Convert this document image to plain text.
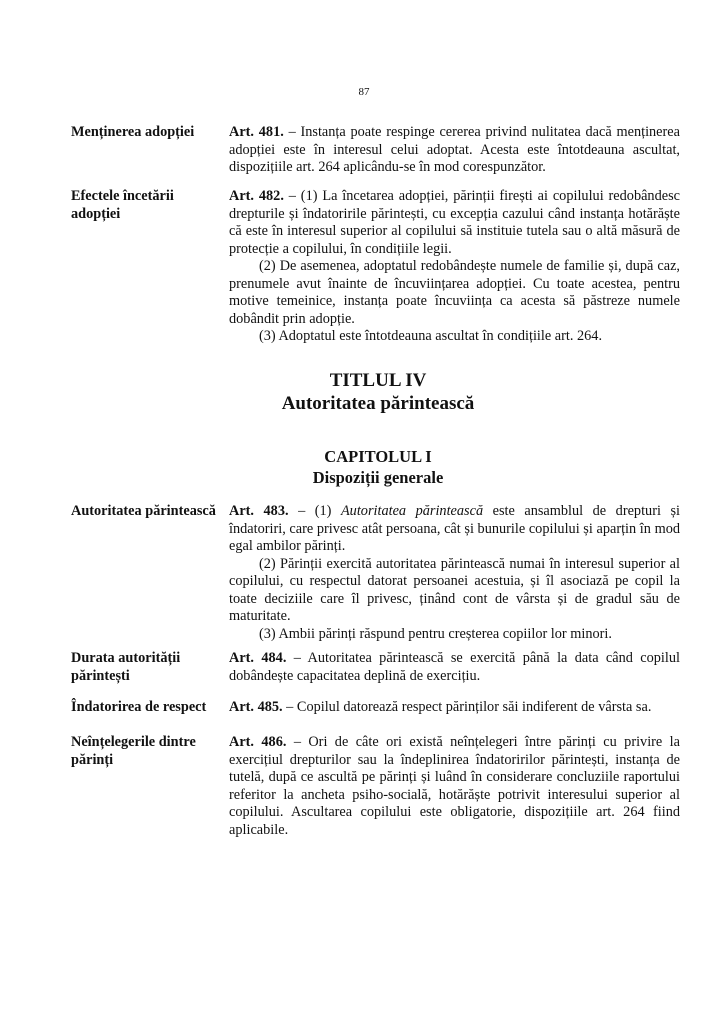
87
Menținerea adopției	Art. 481. – Instanța poate respinge cererea privind nulitatea dacă menținerea adopției este în interesul celui adoptat. Acesta este întotdeauna ascultat, dispozițiile art. 264 aplicându-se în mod corespunzător.

Efectele încetării adopției

Art. 482. – (1) La încetarea adopției, părinții firești ai copilului redobândesc drepturile și îndatoririle părintești, cu excepția cazului când instanța hotărăște că este în interesul superior al copilului să instituie tutela sau o altă măsură de protecție a copilului, în condițiile legii.

(2) De asemenea, adoptatul redobândește numele de familie și, după caz, prenumele avut înainte de încuviințarea adopției. Cu toate acestea, pentru motive temeinice, instanța poate încuviința ca acesta să păstreze numele dobândit prin adopție.

(3) Adoptatul este întotdeauna ascultat în condițiile art. 264.

TITLUL IV
Autoritatea părintească
CAPITOLUL I
Dispoziții generale
Autoritatea părintească Art. 483. – (1) Autoritatea părintească este ansamblul de drepturi și îndatoriri, care privesc atât persoana, cât și bunurile copilului și aparțin în mod egal ambilor părinți.

(2) Părinții exercită autoritatea părintească numai în interesul superior al copilului, cu respectul datorat persoanei acestuia, și îl asociază pe copil la toate deciziile care îl privesc, ținând cont de vârsta și de gradul său de maturitate.

(3) Ambii părinți răspund pentru creșterea copiilor lor minori.

Durata autorității părintești

Art. 484. – Autoritatea părintească se exercită până la data când copilul dobândește capacitatea deplină de exercițiu.

Îndatorirea de respect	Art. 485. – Copilul datorează respect părinților săi indiferent de vârsta sa.

Neînțelegerile dintre părinți

Art. 486. – Ori de câte ori există neînțelegeri între părinți cu privire la exercițiul drepturilor sau la îndeplinirea îndatoririlor părintești, instanța de tutelă, după ce ascultă pe părinți și luând în considerare concluziile raportului referitor la ancheta psiho-socială, hotărăște potrivit interesului superior al copilului. Ascultarea copilului este obligatorie, dispozițiile art. 264 fiind aplicabile.
